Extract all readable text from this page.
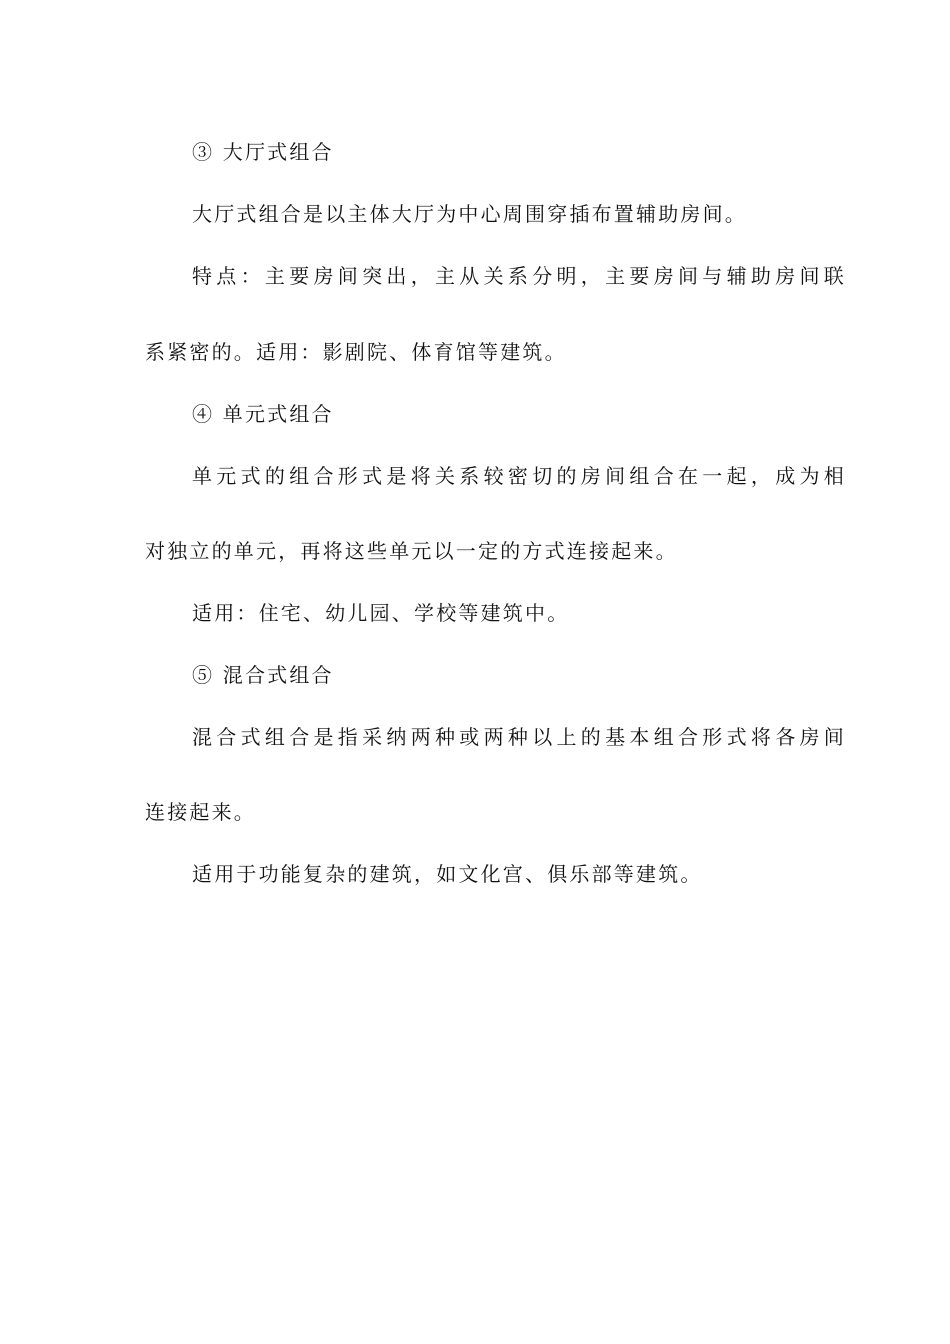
③ 大厅式组合
大厅式组合是以主体大厅为中心周围穿插布置辅助房间。
特点：主要房间突出，主从关系分明，主要房间与辅助房间联
系紧密的。适用：影剧院、体育馆等建筑。
④ 单元式组合
单元式的组合形式是将关系较密切的房间组合在一起，成为相
对独立的单元，再将这些单元以一定的方式连接起来。
适用：住宅、幼儿园、学校等建筑中。
⑤ 混合式组合
混合式组合是指采纳两种或两种以上的基本组合形式将各房间
连接起来。
适用于功能复杂的建筑，如文化宫、俱乐部等建筑。
